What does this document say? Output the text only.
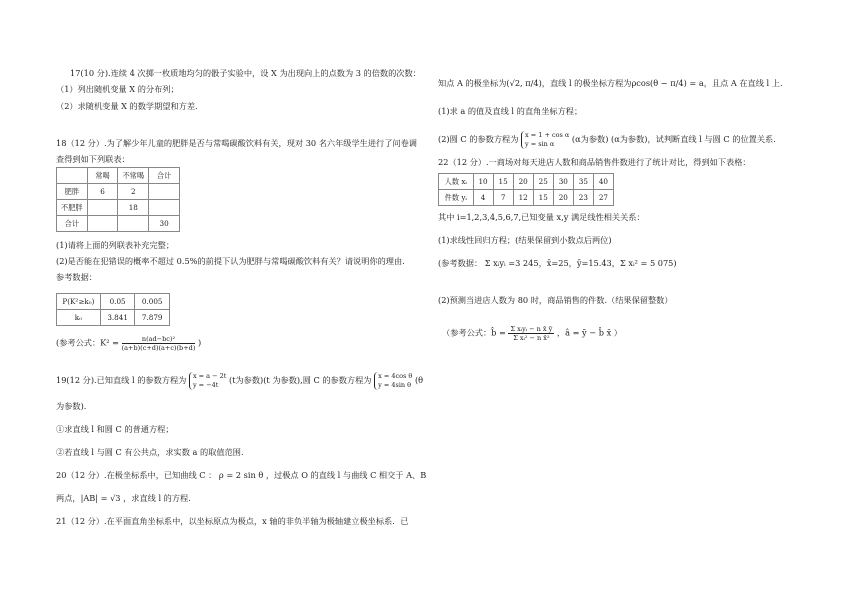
17(10 分).连续 4 次掷一枚质地均匀的骰子实验中，设 X 为出现向上的点数为 3 的倍数的次数：
（1）列出随机变量 X 的分布列；
（2）求随机变量 X 的数学期望和方差.
18（12 分）.为了解少年儿童的肥胖是否与常喝碳酸饮料有关，现对 30 名六年级学生进行了问卷调
查得到如下列联表：
	常喝	不常喝	合计
肥胖	6	2	
不肥胖		18	
合计			30
(1)请将上面的列联表补充完整；
(2)是否能在犯错误的概率不超过 0.5%的前提下认为肥胖与常喝碳酸饮料有关？请说明你的理由.
参考数据：
P(K²≥k₀)	0.05	0.005
k₀	3.841	7.879
(参考公式：$K^2 = \frac{\text{n(ad−bc)²}}{(a+b)(c+d)(a+c)(b+d)}$ )
19(12 分).已知直线 l 的参数方程为 x = a − 2t
y = −4t	(t为参数)(t 为参数),圆 C 的参数方程为 x = 4cos θ
y = 4sin θ (θ
为参数).
①求直线 l 和圆 C 的普通方程；
②若直线 l 与圆 C 有公共点，求实数 a 的取值范围.
20（12 分）.在极坐标系中，已知曲线 C ： ρ = 2 sin θ ，过极点 O 的直线 l 与曲线 C 相交于 A、B
两点，|AB| = √3 ，求直线 l 的方程.
21（12 分）.在平面直角坐标系中，以坐标原点为极点，x 轴的非负半轴为极轴建立极坐标系．已
知点 A 的极坐标为(√2, π/4)，直线 l 的极坐标方程为ρcos(θ − π/4) = a，且点 A 在直线 l 上.
(1)求 a 的值及直线 l 的直角坐标方程；
(2)圆 C 的参数方程为 x = 1 + cos α
y = sin α	(α为参数) (α为参数)，试判断直线 l 与圆 C 的位置关系.
22（12 分）.一商场对每天进店人数和商品销售件数进行了统计对比，得到如下表格：
人数 xᵢ	10	15	20	25	30	35	40
件数 yᵢ	4	7	12	15	20	23	27
其中 i=1,2,3,4,5,6,7,已知变量 x,y 满足线性相关关系：
(1)求线性回归方程；(结果保留到小数点后两位)
(参考数据： Σ xᵢyᵢ =3 245，x̄=25，ȳ=15.43，Σ xᵢ² = 5 075)
(2)预测当进店人数为 80 时，商品销售的件数.（结果保留整数）
（参考公式：b̂ = $\frac{\text{Σ xᵢyᵢ − n x̄ ȳ}}{\text{Σ xᵢ² − n x̄²}}$ ，â = ȳ − b̂ x̄ ）
